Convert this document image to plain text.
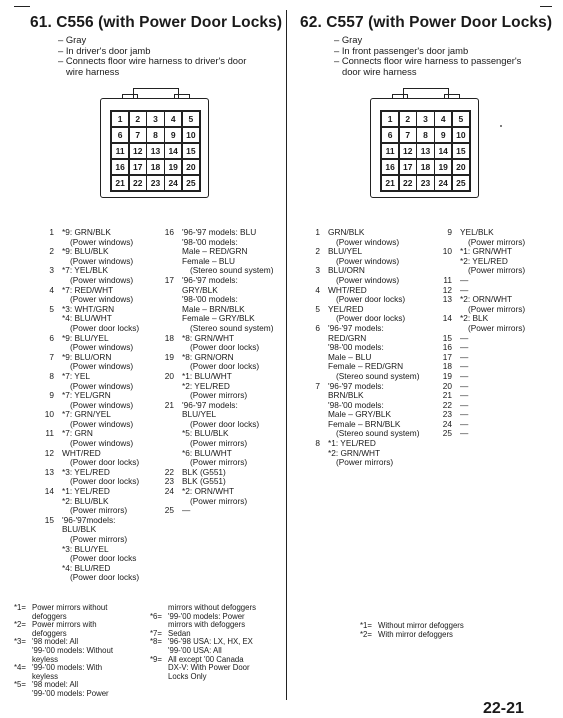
61. C556 (with Power Door Locks)
– Gray
– In driver's door jamb
– Connects floor wire harness to driver's door
wire harness
62. C557 (with Power Door Locks)
– Gray
– In front passenger's door jamb
– Connects floor wire harness to passenger's
door wire harness
1	2	3	4	5
6	7	8	9	10
11 12 13 14 15
16 17 18 19 20
21 22 23 24 25
1	2	3	4	5
6	7	8	9	10
11 12 13 14 15
16 17 18 19 20
21 22 23 24 25
1 *9: GRN/BLK
(Power windows)
2 *9: BLU/BLK
(Power windows)
3 *7: YEL/BLK
(Power windows)
4 *7: RED/WHT
(Power windows)
5 *3: WHT/GRN
*4: BLU/WHT
(Power door locks)
6 *9: BLU/YEL
(Power windows)
7 *9: BLU/ORN
(Power windows)
8 *7: YEL
(Power windows)
9 *7: YEL/GRN
(Power windows)
10 *7: GRN/YEL
(Power windows)
11 *7: GRN
(Power windows)
12 WHT/RED
(Power door locks)
13 *3: YEL/RED
(Power door locks)
14 *1: YEL/RED
*2: BLU/BLK
(Power mirrors)
15 '96-'97models:
BLU/BLK
(Power mirrors)
*3: BLU/YEL
(Power door locks
*4: BLU/RED
(Power door locks)
16 '96-'97 models: BLU
'98-'00 models:
Male – RED/GRN
Female – BLU
(Stereo sound system)
17 '96-'97 models:
GRY/BLK
'98-'00 models:
Male – BRN/BLK
Female – GRY/BLK
(Stereo sound system)
18 *8: GRN/WHT
(Power door locks)
19 *8: GRN/ORN
(Power door locks)
20 *1: BLU/WHT
*2: YEL/RED
(Power mirrors)
21 '96-'97 models:
BLU/YEL
(Power door locks)
*5: BLU/BLK
(Power mirrors)
*6: BLU/WHT
(Power mirrors)
22 BLK (G551)
23 BLK (G551)
24 *2: ORN/WHT
(Power mirrors)
25 —
1 GRN/BLK
(Power windows)
2 BLU/YEL
(Power windows)
3 BLU/ORN
(Power windows)
4 WHT/RED
(Power door locks)
5 YEL/RED
(Power door locks)
6 '96-'97 models:
RED/GRN
'98-'00 models:
Male – BLU
Female – RED/GRN
(Stereo sound system)
7 '96-'97 models:
BRN/BLK
'98-'00 models:
Male – GRY/BLK
Female – BRN/BLK
(Stereo sound system)
8 *1: YEL/RED
*2: GRN/WHT
(Power mirrors)
9 YEL/BLK
(Power mirrors)
10 *1: GRN/WHT
*2: YEL/RED
(Power mirrors)
11 —
12 —
13 *2: ORN/WHT
(Power mirrors)
14 *2: BLK
(Power mirrors)
15 —
16 —
17 —
18 —
19 —
20 —
21 —
22 —
23 —
24 —
25 —
*1= Power mirrors without
defoggers
*2= Power mirrors with
defoggers
*3= '98 model: All
'99-'00 models: Without
keyless
*4= '99-'00 models: With
keyless
*5= '98 model: All
'99-'00 models: Power
mirrors without defoggers
*6= '99-'00 models: Power
mirrors with defoggers
*7= Sedan
*8= '96-'98 USA: LX, HX, EX
'99-'00 USA: All
*9= All except '00 Canada
DX-V: With Power Door
Locks Only
*1= Without mirror defoggers
*2= With mirror defoggers
22-21
